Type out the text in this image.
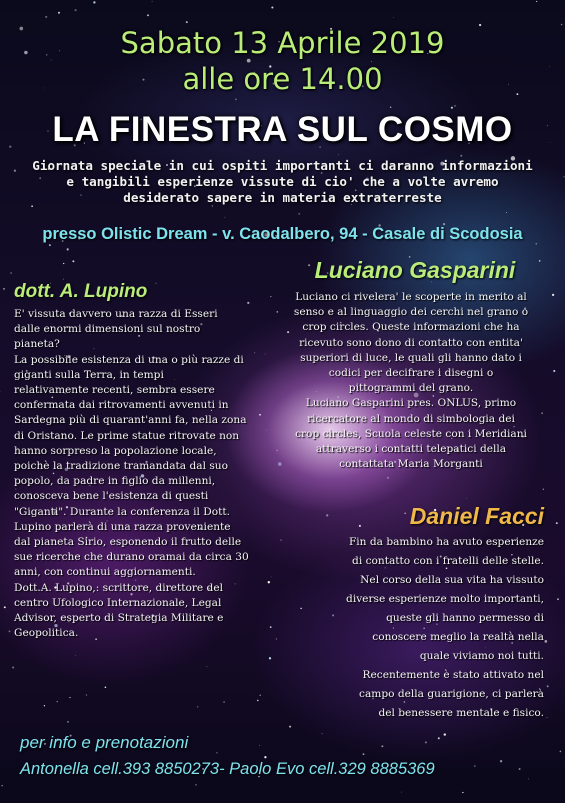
Sabato 13 Aprile 2019
alle ore 14.00
LA FINESTRA SUL COSMO
Giornata speciale in cui ospiti importanti ci daranno informazioni
e tangibili esperienze vissute di cio' che a volte avremo
desiderato sapere in materia extraterreste
presso Olistic Dream - v. Caodalbero, 94 - Casale di Scodosia
dott. A. Lupino
E' vissuta davvero una razza di Esseri
dalle enormi dimensioni sul nostro
pianeta?
La possibile esistenza di una o più razze di
giganti sulla Terra, in tempi
relativamente recenti, sembra essere
confermata dai ritrovamenti avvenuti in
Sardegna più di quarant'anni fa, nella zona
di Oristano. Le prime statue ritrovate non
hanno sorpreso la popolazione locale,
poichè la tradizione tramandata dal suo
popolo, da padre in figlio da millenni,
conosceva bene l'esistenza di questi
"Giganti". Durante la conferenza il Dott.
Lupino parlerà di una razza proveniente
dal pianeta Sirio, esponendo il frutto delle
sue ricerche che durano oramai da circa 30
anni, con continui aggiornamenti.
Dott.A. Lupino,: scrittore, direttore del
centro Ufologico Internazionale, Legal
Advisor, esperto di Strategia Militare e
Geopolitica.
Luciano Gasparini
Luciano ci rivelera' le scoperte in merito al
senso e al linguaggio dei cerchi nel grano o
crop circles. Queste informazioni che ha
ricevuto sono dono di contatto con entita'
superiori di luce, le quali gli hanno dato i
codici per decifrare i disegni o
pittogrammi del grano.
Luciano Gasparini pres. ONLUS, primo
ricercatore al mondo di simbologia dei
crop circles, Scuola celeste con i Meridiani
attraverso i contatti telepatici della
contattata Maria Morganti
Daniel Facci
Fin da bambino ha avuto esperienze
di contatto con i fratelli delle stelle.
Nel corso della sua vita ha vissuto
diverse esperienze molto importanti,
queste gli hanno permesso di
conoscere meglio la realtà nella
quale viviamo noi tutti.
Recentemente è stato attivato nel
campo della guarigione, ci parlerà
del benessere mentale e fisico.
per info e prenotazioni
Antonella cell.393 8850273- Paolo Evo cell.329 8885369
